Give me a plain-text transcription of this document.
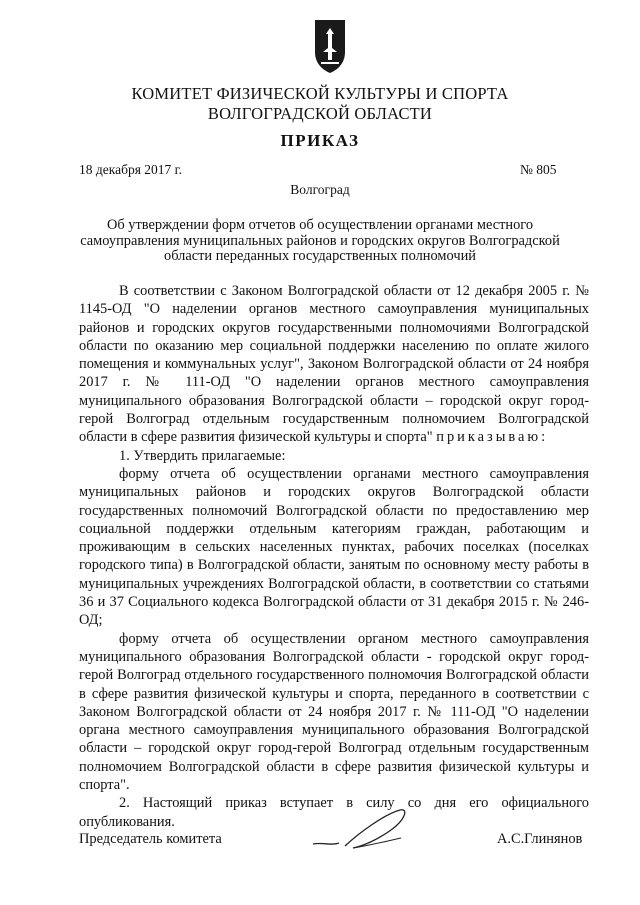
КОМИТЕТ ФИЗИЧЕСКОЙ КУЛЬТУРЫ И СПОРТА
ВОЛГОГРАДСКОЙ ОБЛАСТИ
ПРИКАЗ
18 декабря 2017 г.	№ 805
Волгоград
Об утверждении форм отчетов об осуществлении органами местного самоуправления муниципальных районов и городских округов Волгоградской области переданных государственных полномочий

В соответствии с Законом Волгоградской области от 12 декабря 2005 г. № 1145-ОД "О наделении органов местного самоуправления муниципальных районов и городских округов государственными полномочиями Волгоградской области по оказанию мер социальной поддержки населению по оплате жилого помещения и коммунальных услуг", Законом Волгоградской области от 24 ноября 2017 г. № 111-ОД "О наделении органов местного самоуправления муниципального образования Волгоградской области – городской округ город-герой Волгоград отдельным государственным полномочием Волгоградской области в сфере развития физической культуры и спорта" приказываю:

1. Утвердить прилагаемые:

форму отчета об осуществлении органами местного самоуправления муниципальных районов и городских округов Волгоградской области государственных полномочий Волгоградской области по предоставлению мер социальной поддержки отдельным категориям граждан, работающим и проживающим в сельских населенных пунктах, рабочих поселках (поселках городского типа) в Волгоградской области, занятым по основному месту работы в муниципальных учреждениях Волгоградской области, в соответствии со статьями 36 и 37 Социального кодекса Волгоградской области от 31 декабря 2015 г. № 246-ОД;

форму отчета об осуществлении органом местного самоуправления муниципального образования Волгоградской области - городской округ город-герой Волгоград отдельного государственного полномочия Волгоградской области в сфере развития физической культуры и спорта, переданного в соответствии с Законом Волгоградской области от 24 ноября 2017 г. № 111-ОД "О наделении органа местного самоуправления муниципального образования Волгоградской области – городской округ город-герой Волгоград отдельным государственным полномочием Волгоградской области в сфере развития физической культуры и спорта".

2. Настоящий приказ вступает в силу со дня его официального опубликования.

Председатель комитета	А.С.Глинянов
